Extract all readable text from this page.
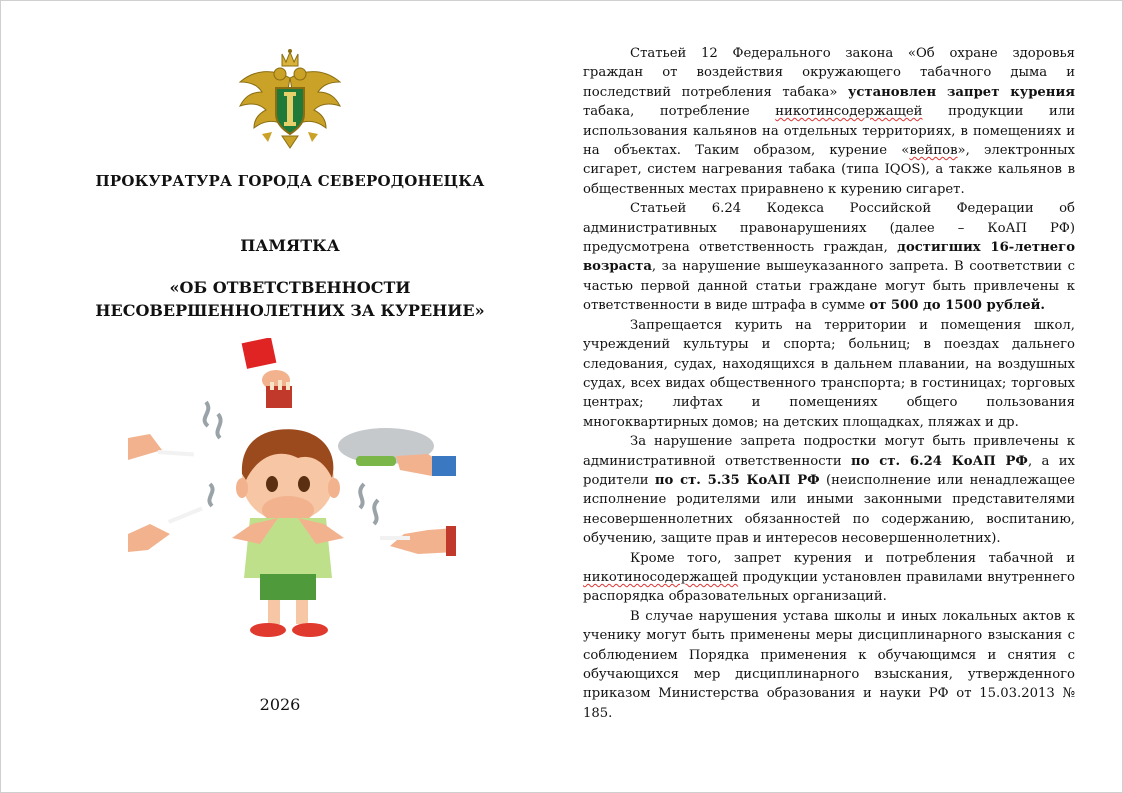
ПРОКУРАТУРА ГОРОДА СЕВЕРОДОНЕЦКА
ПАМЯТКА
«ОБ ОТВЕТСТВЕННОСТИ
НЕСОВЕРШЕННОЛЕТНИХ ЗА КУРЕНИЕ»
2026

Статьей 12 Федерального закона «Об охране здоровья граждан от воздействия окружающего табачного дыма и последствий потребления табака» установлен запрет курения табака, потребление никотинсодержащей продукции или использования кальянов на отдельных территориях, в помещениях и на объектах. Таким образом, курение «вейпов», электронных сигарет, систем нагревания табака (типа IQOS), а также кальянов в общественных местах приравнено к курению сигарет.

Статьей 6.24 Кодекса Российской Федерации об административных правонарушениях (далее – КоАП РФ) предусмотрена ответственность граждан, достигших 16-летнего возраста, за нарушение вышеуказанного запрета. В соответствии с частью первой данной статьи граждане могут быть привлечены к ответственности в виде штрафа в сумме от 500 до 1500 рублей.

Запрещается курить на территории и помещения школ, учреждений культуры и спорта; больниц; в поездах дальнего следования, судах, находящихся в дальнем плавании, на воздушных судах, всех видах общественного транспорта; в гостиницах; торговых центрах; лифтах и помещениях общего пользования многоквартирных домов; на детских площадках, пляжах и др.

За нарушение запрета подростки могут быть привлечены к административной ответственности по ст. 6.24 КоАП РФ, а их родители по ст. 5.35 КоАП РФ (неисполнение или ненадлежащее исполнение родителями или иными законными представителями несовершеннолетних обязанностей по содержанию, воспитанию, обучению, защите прав и интересов несовершеннолетних).

Кроме того, запрет курения и потребления табачной и никотиносодержащей продукции установлен правилами внутреннего распорядка образовательных организаций.

В случае нарушения устава школы и иных локальных актов к ученику могут быть применены меры дисциплинарного взыскания с соблюдением Порядка применения к обучающимся и снятия с обучающихся мер дисциплинарного взыскания, утвержденного приказом Министерства образования и науки РФ от 15.03.2013 № 185.
